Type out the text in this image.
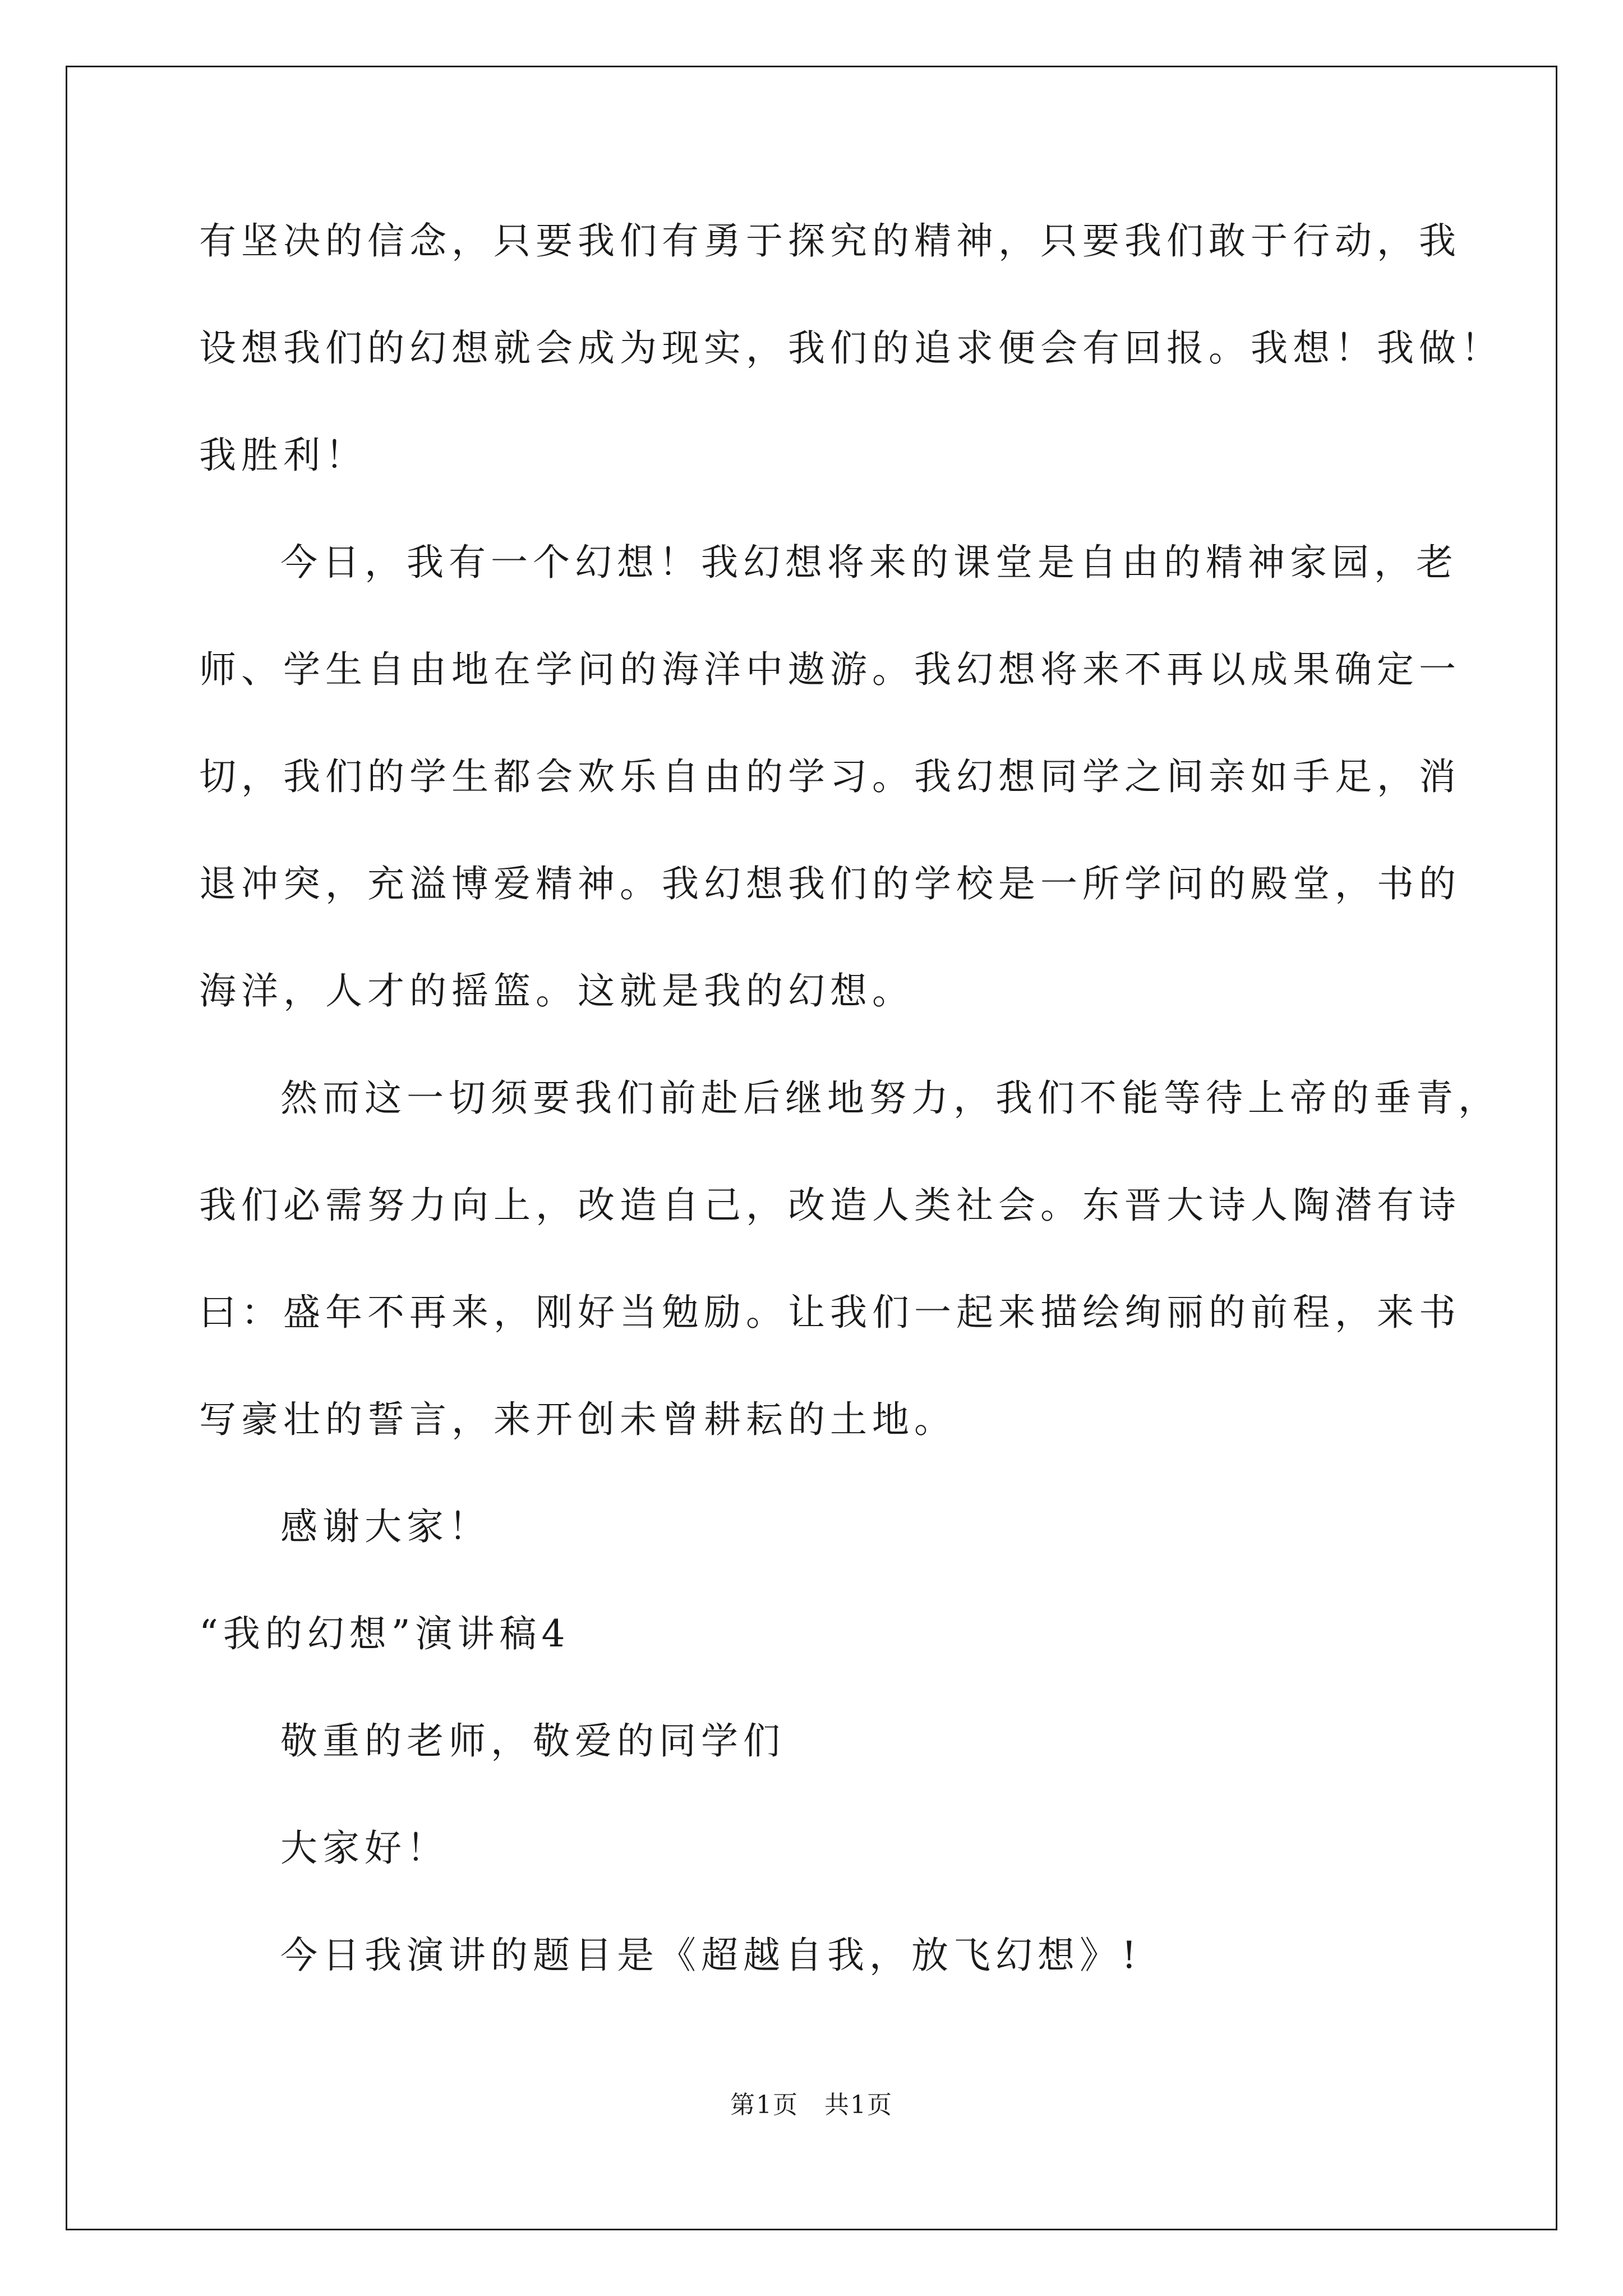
有坚决的信念，只要我们有勇于探究的精神，只要我们敢于行动，我
设想我们的幻想就会成为现实，我们的追求便会有回报。我想！我做！
我胜利！
今日，我有一个幻想！我幻想将来的课堂是自由的精神家园，老
师、学生自由地在学问的海洋中遨游。我幻想将来不再以成果确定一
切，我们的学生都会欢乐自由的学习。我幻想同学之间亲如手足，消
退冲突，充溢博爱精神。我幻想我们的学校是一所学问的殿堂，书的
海洋，人才的摇篮。这就是我的幻想。
然而这一切须要我们前赴后继地努力，我们不能等待上帝的垂青，
我们必需努力向上，改造自己，改造人类社会。东晋大诗人陶潜有诗
曰：盛年不再来，刚好当勉励。让我们一起来描绘绚丽的前程，来书
写豪壮的誓言，来开创未曾耕耘的土地。
感谢大家！
“我的幻想”演讲稿4
敬重的老师，敬爱的同学们
大家好！
今日我演讲的题目是《超越自我，放飞幻想》!
第1页　共1页
